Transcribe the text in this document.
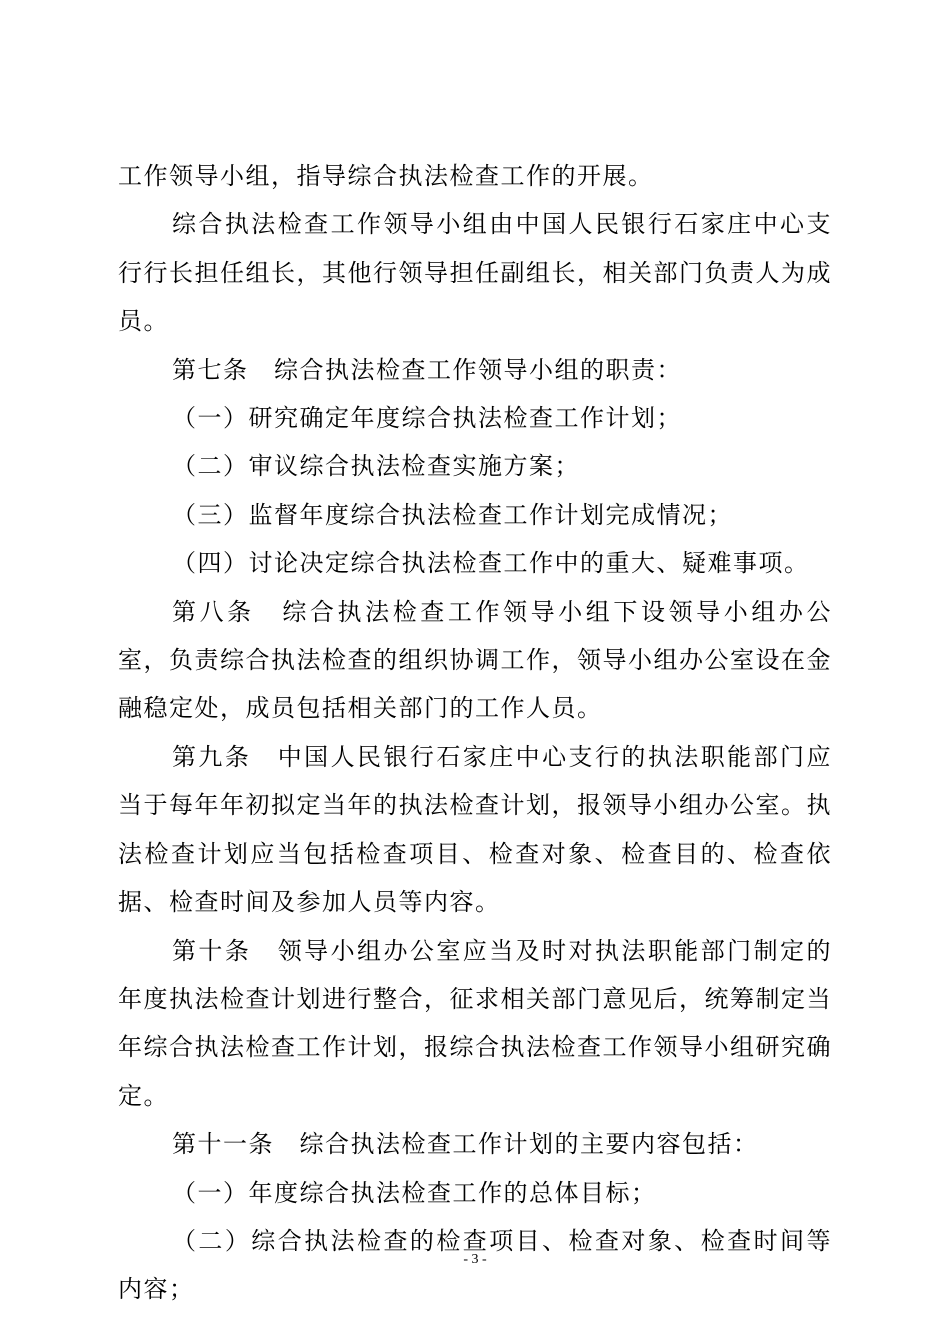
工作领导小组，指导综合执法检查工作的开展。

综合执法检查工作领导小组由中国人民银行石家庄中心支行行长担任组长，其他行领导担任副组长，相关部门负责人为成员。

第七条　综合执法检查工作领导小组的职责：

（一）研究确定年度综合执法检查工作计划；

（二）审议综合执法检查实施方案；

（三）监督年度综合执法检查工作计划完成情况；

（四）讨论决定综合执法检查工作中的重大、疑难事项。

第八条　综合执法检查工作领导小组下设领导小组办公室，负责综合执法检查的组织协调工作，领导小组办公室设在金融稳定处，成员包括相关部门的工作人员。

第九条　中国人民银行石家庄中心支行的执法职能部门应当于每年年初拟定当年的执法检查计划，报领导小组办公室。执法检查计划应当包括检查项目、检查对象、检查目的、检查依据、检查时间及参加人员等内容。

第十条　领导小组办公室应当及时对执法职能部门制定的年度执法检查计划进行整合，征求相关部门意见后，统筹制定当年综合执法检查工作计划，报综合执法检查工作领导小组研究确定。

第十一条　综合执法检查工作计划的主要内容包括：

（一）年度综合执法检查工作的总体目标；

（二）综合执法检查的检查项目、检查对象、检查时间等内容；

- 3 -
